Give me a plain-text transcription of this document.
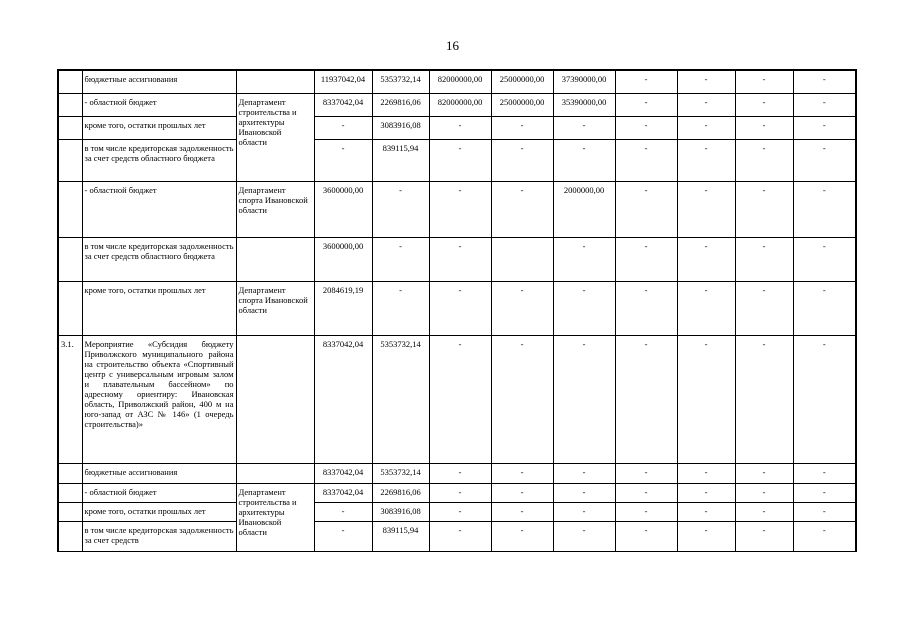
16
	бюджетные ассигнования		11937042,04	5353732,14	82000000,00	25000000,00	37390000,00	-	-	-	-
	- областной бюджет	Департамент строительства и архитектуры Ивановской области	8337042,04	2269816,06	82000000,00	25000000,00	35390000,00	-	-	-	-
	кроме того, остатки прошлых лет		-	3083916,08	-	-	-	-	-	-	-
	в том числе кредиторская задолженность за счет средств областного бюджета		-	839115,94	-	-	-	-	-	-	-
	- областной бюджет	Департамент спорта Ивановской области	3600000,00	-	-	-	2000000,00	-	-	-	-
	в том числе кредиторская задолженность за счет средств областного бюджета		3600000,00	-	-		-	-	-	-	-
	кроме того, остатки прошлых лет	Департамент спорта Ивановской области	2084619,19	-	-	-	-	-	-	-	-
3.1.	Мероприятие «Субсидия бюджету Приволжского муниципального района на строительство объекта «Спортивный центр с универсальным игровым залом и плавательным бассейном» по адресному ориентиру: Ивановская область, Приволжский район, 400 м на юго-запад от АЗС № 146» (1 очередь строительства)»		8337042,04	5353732,14	-	-	-	-	-	-	-
	бюджетные ассигнования		8337042,04	5353732,14	-	-	-	-	-	-	-
	- областной бюджет	Департамент строительства и архитектуры Ивановской области	8337042,04	2269816,06	-	-	-	-	-	-	-
	кроме того, остатки прошлых лет		-	3083916,08	-	-	-	-	-	-	-
	в том числе кредиторская задолженность за счет средств		-	839115,94	-	-	-	-	-	-	-
